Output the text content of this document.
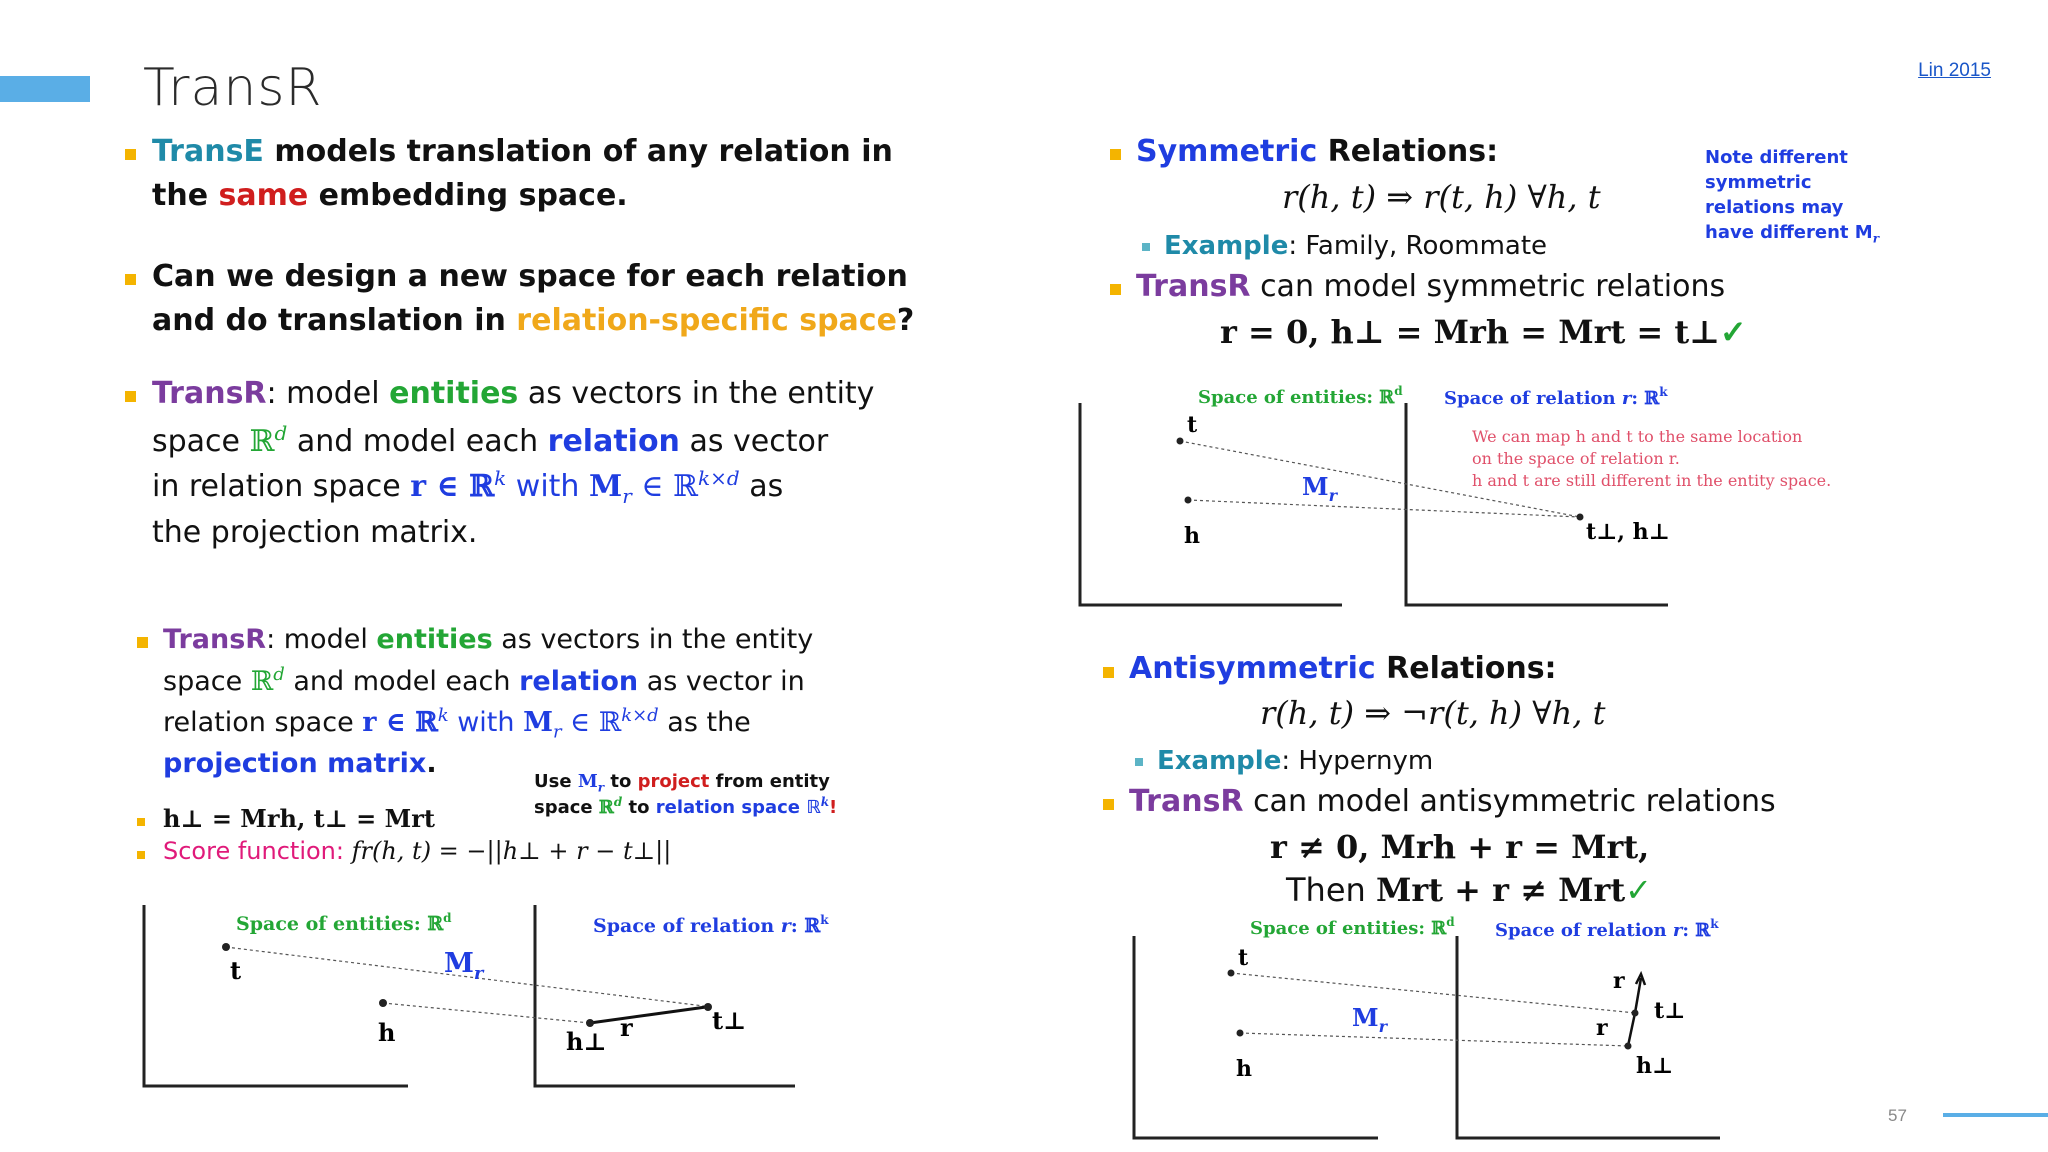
TransR	Lin 2015
57
TransE models translation of any relation in
the same embedding space.
Can we design a new space for each relation
and do translation in relation-specific space?
TransR: model entities as vectors in the entity
space ℝ$^d$ and model each relation as vector
in relation space r ∈ ℝ$^k$ with $M_r$ ∈ ℝ$^{k\times d}$ as
the projection matrix.
TransR: model entities as vectors in the entity
space ℝ$^d$ and model each relation as vector in
relation space r ∈ ℝ$^k$ with $M_r$ ∈ ℝ$^{k\times d}$ as the
projection matrix.
Use $M_r$ to project from entity
space ℝ$^d$ to relation space ℝ$^k$!
h⊥ = Mrh, t⊥ = Mrt
Score function: fr(h, t) = −||h⊥ + r − t⊥||
Space of entities: ℝ$^d$	Space of relation r: ℝ$^k$
t
h
$M_r$
t⊥
h⊥ r
Symmetric Relations:
r(h, t) ⇒ r(t, h) ∀h, t
Example: Family, Roommate
TransR can model symmetric relations
r = 0, h⊥ = Mrh = Mrt = t⊥✓
Note different
symmetric
relations may
have different $M_r$
Space of entities: ℝ$^d$ Space of relation r: ℝ$^k$
t
h
$M_r$
t⊥, h⊥
We can map h and t to the same location
on the space of relation r.
h and t are still different in the entity space.
Antisymmetric Relations:
r(h, t) ⇒ ¬r(t, h) ∀h, t
Example: Hypernym
TransR can model antisymmetric relations
r ≠ 0, Mrh + r = Mrt,
Then Mrt + r ≠ Mrt✓
Space of entities: ℝ$^d$ Space of relation r: ℝ$^k$
t
h
$M_r$
r
r
t⊥
h⊥
